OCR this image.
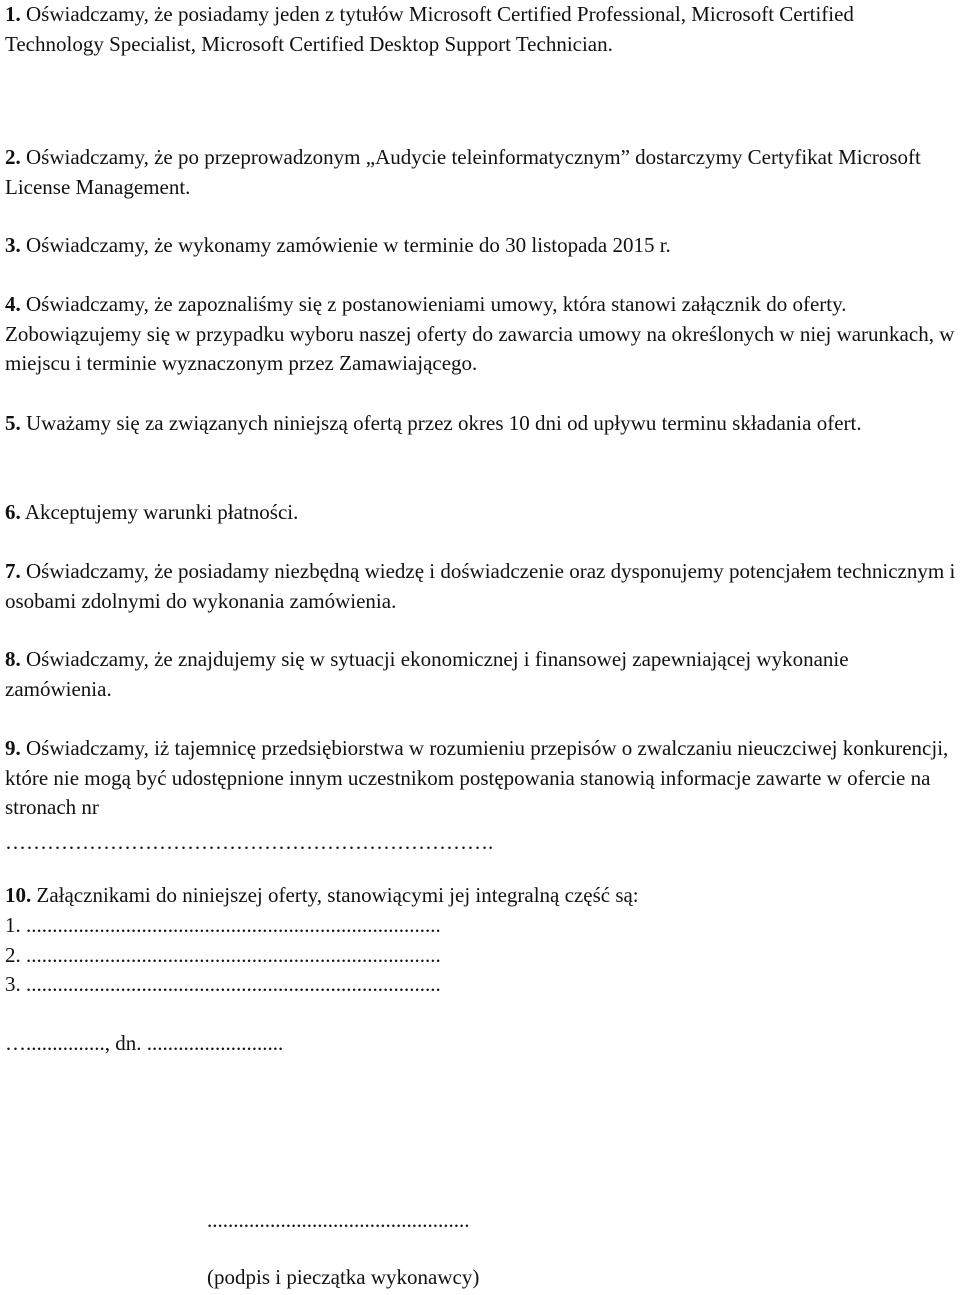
1. Oświadczamy, że posiadamy jeden z tytułów Microsoft Certified Professional, Microsoft Certified Technology Specialist, Microsoft Certified Desktop Support Technician.

2. Oświadczamy, że po przeprowadzonym „Audycie teleinformatycznym” dostarczymy Certyfikat Microsoft License Management.

3. Oświadczamy, że wykonamy zamówienie w terminie do 30 listopada 2015 r.

4. Oświadczamy, że zapoznaliśmy się z postanowieniami umowy, która stanowi załącznik do oferty. Zobowiązujemy się w przypadku wyboru naszej oferty do zawarcia umowy na określonych w niej warunkach, w miejscu i terminie wyznaczonym przez Zamawiającego.

5. Uważamy się za związanych niniejszą ofertą przez okres 10 dni od upływu terminu składania ofert.

6. Akceptujemy warunki płatności.

7. Oświadczamy, że posiadamy niezbędną wiedzę i doświadczenie oraz dysponujemy potencjałem technicznym i osobami zdolnymi do wykonania zamówienia.

8. Oświadczamy, że znajdujemy się w sytuacji ekonomicznej i finansowej zapewniającej wykonanie zamówienia.

9. Oświadczamy, iż tajemnicę przedsiębiorstwa w rozumieniu przepisów o zwalczaniu nieuczciwej konkurencji, które nie mogą być udostępnione innym uczestnikom postępowania stanowią informacje zawarte w ofercie na stronach nr

…………………………………………………………….

10. Załącznikami do niniejszej oferty, stanowiącymi jej integralną część są:

1. ...............................................................................
2. ...............................................................................
3. ...............................................................................
…..............., dn. ..........................
..................................................
(podpis i pieczątka wykonawcy)
